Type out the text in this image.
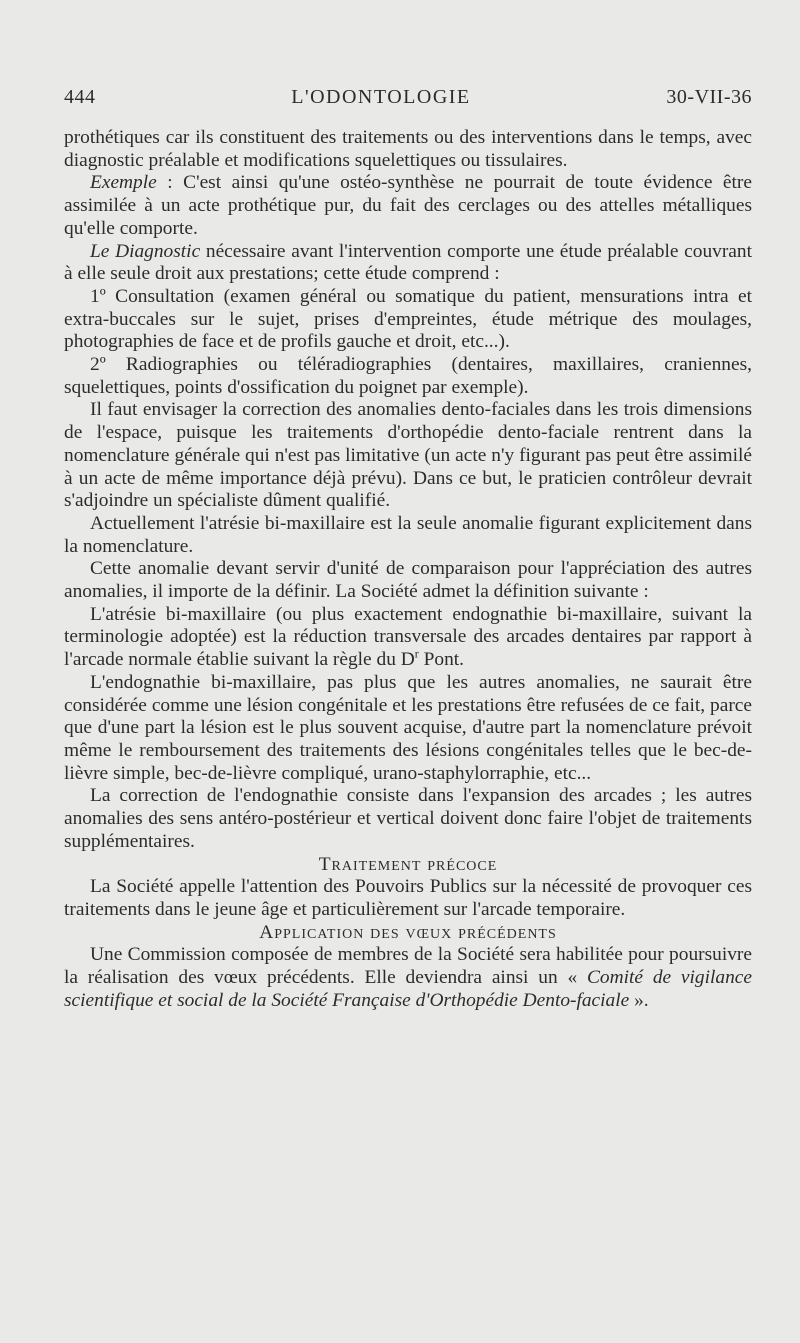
444	L'ODONTOLOGIE	30-VII-36

prothétiques car ils constituent des traitements ou des interventions dans le temps, avec diagnostic préalable et modifications squelettiques ou tissulaires.

Exemple : C'est ainsi qu'une ostéo-synthèse ne pourrait de toute évidence être assimilée à un acte prothétique pur, du fait des cerclages ou des attelles métalliques qu'elle comporte.

Le Diagnostic nécessaire avant l'intervention comporte une étude préalable couvrant à elle seule droit aux prestations; cette étude comprend :

1º Consultation (examen général ou somatique du patient, mensurations intra et extra-buccales sur le sujet, prises d'empreintes, étude métrique des moulages, photographies de face et de profils gauche et droit, etc...).

2º Radiographies ou téléradiographies (dentaires, maxillaires, craniennes, squelettiques, points d'ossification du poignet par exemple).

Il faut envisager la correction des anomalies dento-faciales dans les trois dimensions de l'espace, puisque les traitements d'orthopédie dento-faciale rentrent dans la nomenclature générale qui n'est pas limitative (un acte n'y figurant pas peut être assimilé à un acte de même importance déjà prévu). Dans ce but, le praticien contrôleur devrait s'adjoindre un spécialiste dûment qualifié.

Actuellement l'atrésie bi-maxillaire est la seule anomalie figurant explicitement dans la nomenclature.

Cette anomalie devant servir d'unité de comparaison pour l'appréciation des autres anomalies, il importe de la définir. La Société admet la définition suivante :

L'atrésie bi-maxillaire (ou plus exactement endognathie bi-maxillaire, suivant la terminologie adoptée) est la réduction transversale des arcades dentaires par rapport à l'arcade normale établie suivant la règle du $D^r$ Pont.

L'endognathie bi-maxillaire, pas plus que les autres anomalies, ne saurait être considérée comme une lésion congénitale et les prestations être refusées de ce fait, parce que d'une part la lésion est le plus souvent acquise, d'autre part la nomenclature prévoit même le remboursement des traitements des lésions congénitales telles que le bec-de-lièvre simple, bec-de-lièvre compliqué, urano-staphylorraphie, etc...

La correction de l'endognathie consiste dans l'expansion des arcades ; les autres anomalies des sens antéro-postérieur et vertical doivent donc faire l'objet de traitements supplémentaires.

Traitement précoce

La Société appelle l'attention des Pouvoirs Publics sur la nécessité de provoquer ces traitements dans le jeune âge et particulièrement sur l'arcade temporaire.

Application des vœux précédents

Une Commission composée de membres de la Société sera habilitée pour poursuivre la réalisation des vœux précédents. Elle deviendra ainsi un « Comité de vigilance scientifique et social de la Société Française d'Orthopédie Dento-faciale ».
